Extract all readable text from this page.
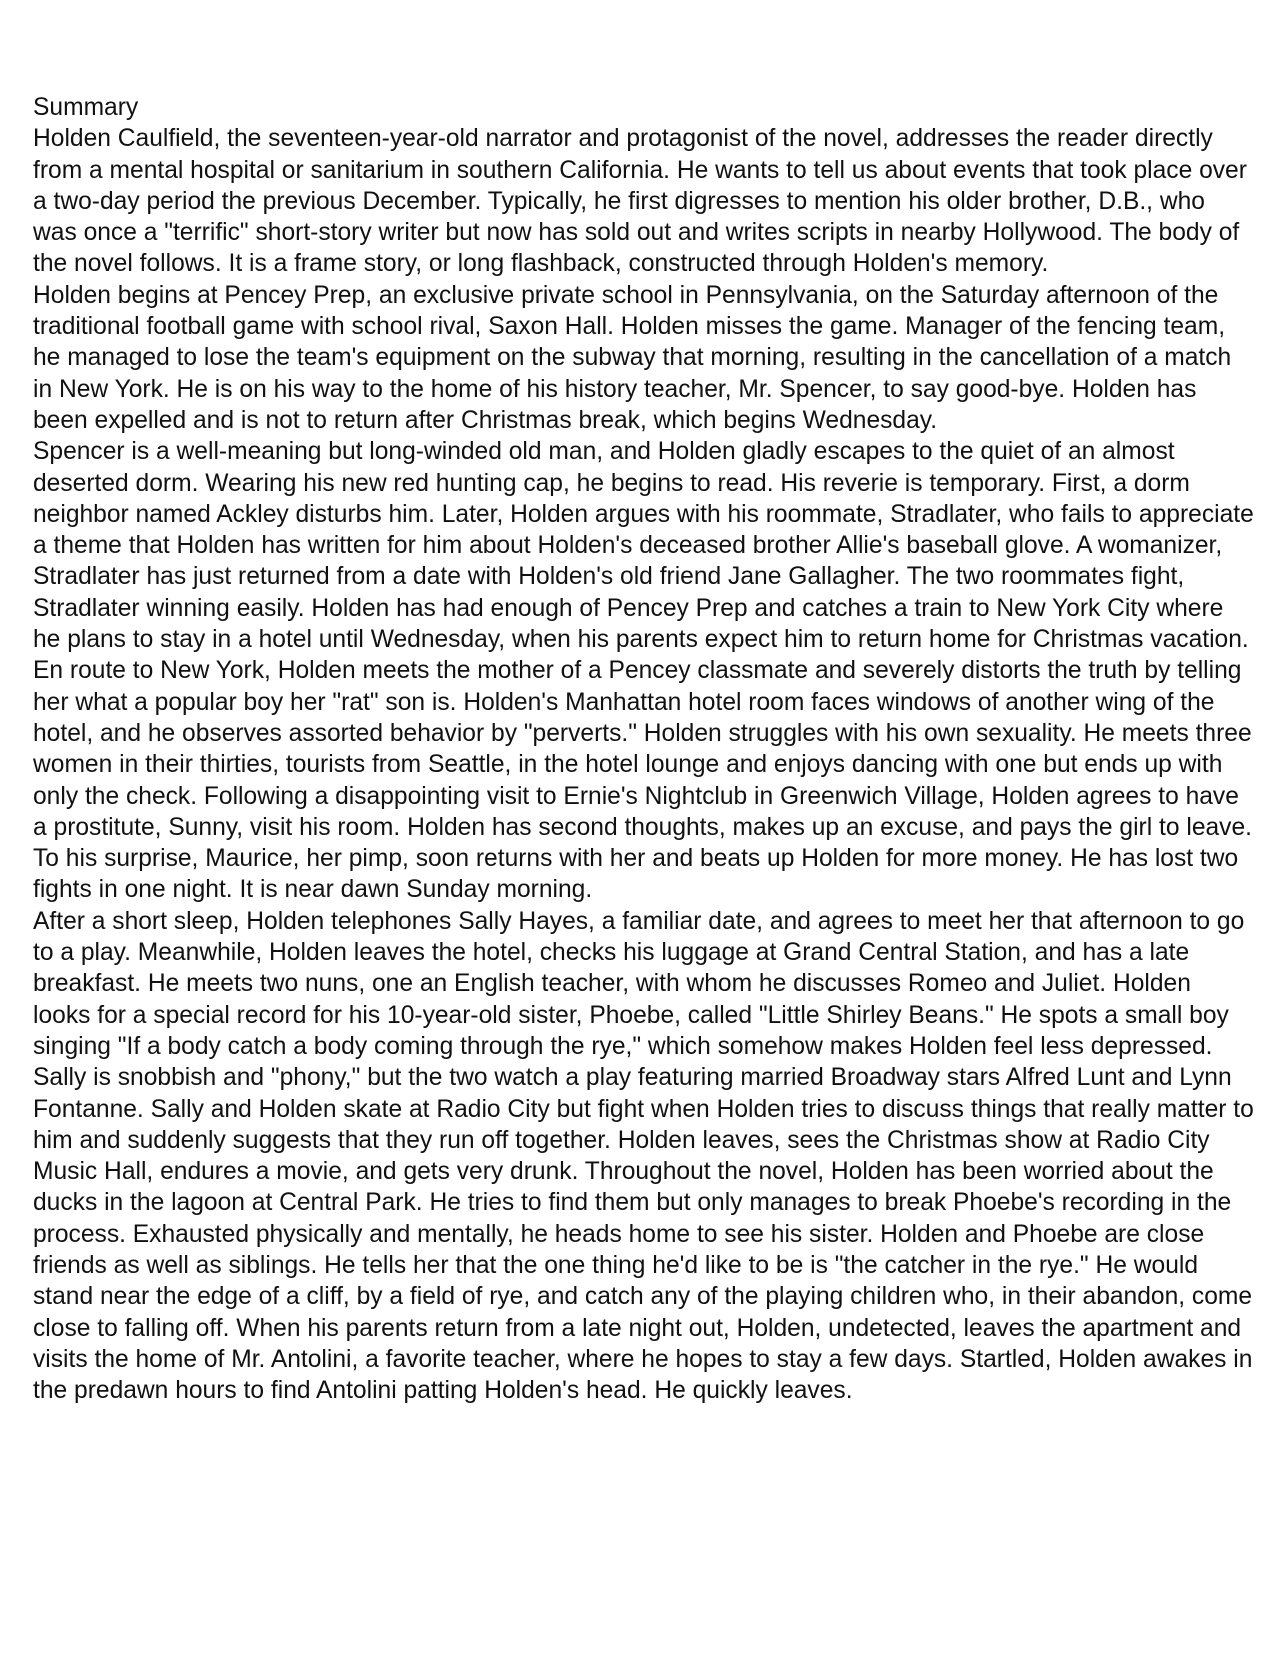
Summary

Holden Caulfield, the seventeen-year-old narrator and protagonist of the novel, addresses the reader directly from a mental hospital or sanitarium in southern California. He wants to tell us about events that took place over a two-day period the previous December. Typically, he first digresses to mention his older brother, D.B., who was once a "terrific" short-story writer but now has sold out and writes scripts in nearby Hollywood. The body of the novel follows. It is a frame story, or long flashback, constructed through Holden's memory.

Holden begins at Pencey Prep, an exclusive private school in Pennsylvania, on the Saturday afternoon of the traditional football game with school rival, Saxon Hall. Holden misses the game. Manager of the fencing team, he managed to lose the team's equipment on the subway that morning, resulting in the cancellation of a match in New York. He is on his way to the home of his history teacher, Mr. Spencer, to say good-bye. Holden has been expelled and is not to return after Christmas break, which begins Wednesday.

Spencer is a well-meaning but long-winded old man, and Holden gladly escapes to the quiet of an almost deserted dorm. Wearing his new red hunting cap, he begins to read. His reverie is temporary. First, a dorm neighbor named Ackley disturbs him. Later, Holden argues with his roommate, Stradlater, who fails to appreciate a theme that Holden has written for him about Holden's deceased brother Allie's baseball glove. A womanizer, Stradlater has just returned from a date with Holden's old friend Jane Gallagher. The two roommates fight, Stradlater winning easily. Holden has had enough of Pencey Prep and catches a train to New York City where he plans to stay in a hotel until Wednesday, when his parents expect him to return home for Christmas vacation. En route to New York, Holden meets the mother of a Pencey classmate and severely distorts the truth by telling her what a popular boy her "rat" son is. Holden's Manhattan hotel room faces windows of another wing of the hotel, and he observes assorted behavior by "perverts." Holden struggles with his own sexuality. He meets three women in their thirties, tourists from Seattle, in the hotel lounge and enjoys dancing with one but ends up with only the check. Following a disappointing visit to Ernie's Nightclub in Greenwich Village, Holden agrees to have a prostitute, Sunny, visit his room. Holden has second thoughts, makes up an excuse, and pays the girl to leave. To his surprise, Maurice, her pimp, soon returns with her and beats up Holden for more money. He has lost two fights in one night. It is near dawn Sunday morning.

After a short sleep, Holden telephones Sally Hayes, a familiar date, and agrees to meet her that afternoon to go to a play. Meanwhile, Holden leaves the hotel, checks his luggage at Grand Central Station, and has a late breakfast. He meets two nuns, one an English teacher, with whom he discusses Romeo and Juliet. Holden looks for a special record for his 10-year-old sister, Phoebe, called "Little Shirley Beans." He spots a small boy singing "If a body catch a body coming through the rye," which somehow makes Holden feel less depressed.

Sally is snobbish and "phony," but the two watch a play featuring married Broadway stars Alfred Lunt and Lynn Fontanne. Sally and Holden skate at Radio City but fight when Holden tries to discuss things that really matter to him and suddenly suggests that they run off together. Holden leaves, sees the Christmas show at Radio City Music Hall, endures a movie, and gets very drunk. Throughout the novel, Holden has been worried about the ducks in the lagoon at Central Park. He tries to find them but only manages to break Phoebe's recording in the process. Exhausted physically and mentally, he heads home to see his sister. Holden and Phoebe are close friends as well as siblings. He tells her that the one thing he'd like to be is "the catcher in the rye." He would stand near the edge of a cliff, by a field of rye, and catch any of the playing children who, in their abandon, come close to falling off. When his parents return from a late night out, Holden, undetected, leaves the apartment and visits the home of Mr. Antolini, a favorite teacher, where he hopes to stay a few days. Startled, Holden awakes in the predawn hours to find Antolini patting Holden's head. He quickly leaves.
